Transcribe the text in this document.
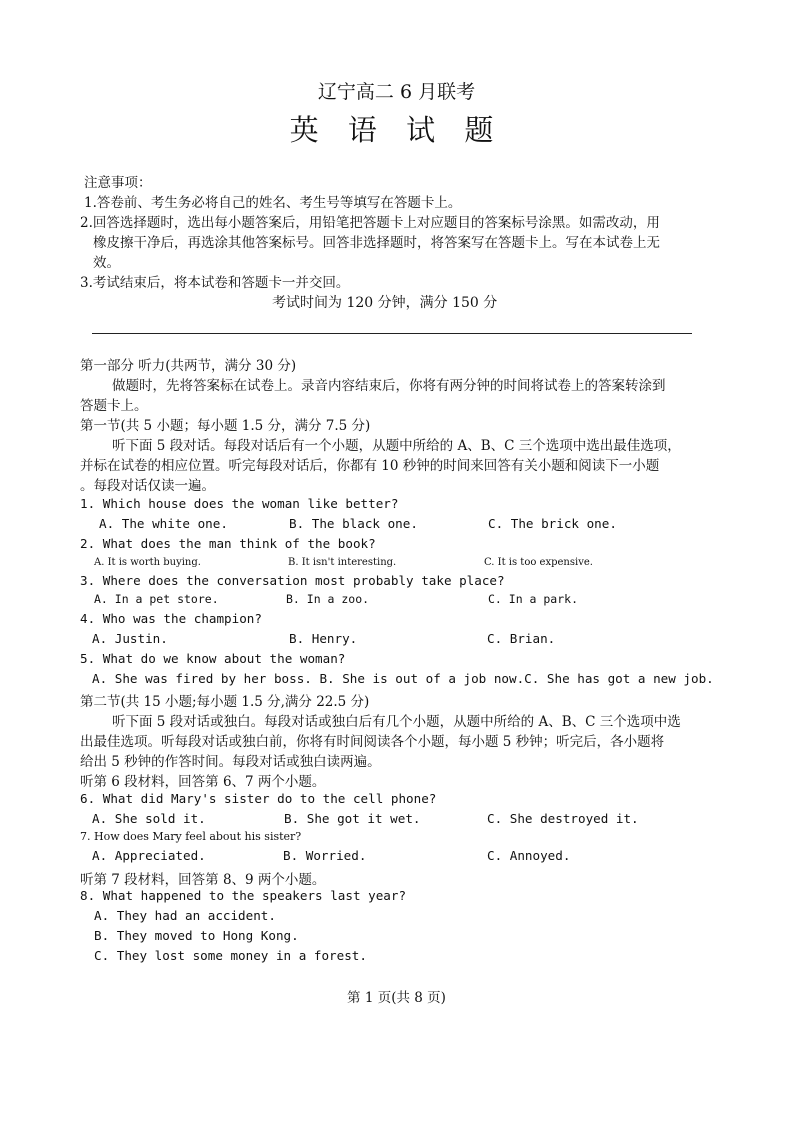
辽宁高二 6 月联考
英 语 试 题
注意事项：
1.答卷前、考生务必将自己的姓名、考生号等填写在答题卡上。
2.回答选择题时，选出每小题答案后，用铅笔把答题卡上对应题目的答案标号涂黑。如需改动，用
橡皮擦干净后，再选涂其他答案标号。回答非选择题时，将答案写在答题卡上。写在本试卷上无
效。
3.考试结束后，将本试卷和答题卡一并交回。
考试时间为 120 分钟，满分 150 分
第一部分 听力(共两节，满分 30 分)
做题时，先将答案标在试卷上。录音内容结束后，你将有两分钟的时间将试卷上的答案转涂到
答题卡上。
第一节(共 5 小题；每小题 1.5 分，满分 7.5 分)
听下面 5 段对话。每段对话后有一个小题，从题中所给的 A、B、C 三个选项中选出最佳选项，
并标在试卷的相应位置。听完每段对话后，你都有 10 秒钟的时间来回答有关小题和阅读下一小题
。每段对话仅读一遍。
1. Which house does the woman like better?
A. The white one.	B. The black one.	C. The brick one.
2. What does the man think of the book?
A. It is worth buying.	B. It isn't interesting.	C. It is too expensive.
3. Where does the conversation most probably take place?
A. In a pet store.	B. In a zoo.	C. In a park.
4. Who was the champion?
A. Justin.	B. Henry.	C. Brian.
5. What do we know about the woman?
A. She was fired by her boss. B. She is out of a job now.C. She has got a new job.
第二节(共 15 小题;每小题 1.5 分,满分 22.5 分)
听下面 5 段对话或独白。每段对话或独白后有几个小题，从题中所给的 A、B、C 三个选项中选
出最佳选项。听每段对话或独白前，你将有时间阅读各个小题，每小题 5 秒钟；听完后，各小题将
给出 5 秒钟的作答时间。每段对话或独白读两遍。
听第 6 段材料，回答第 6、7 两个小题。
6. What did Mary's sister do to the cell phone?
A. She sold it.	B. She got it wet.	C. She destroyed it.
7. How does Mary feel about his sister?
A. Appreciated.	B. Worried.	C. Annoyed.
听第 7 段材料，回答第 8、9 两个小题。
8. What happened to the speakers last year?
A. They had an accident.
B. They moved to Hong Kong.
C. They lost some money in a forest.
第 1 页(共 8 页)
